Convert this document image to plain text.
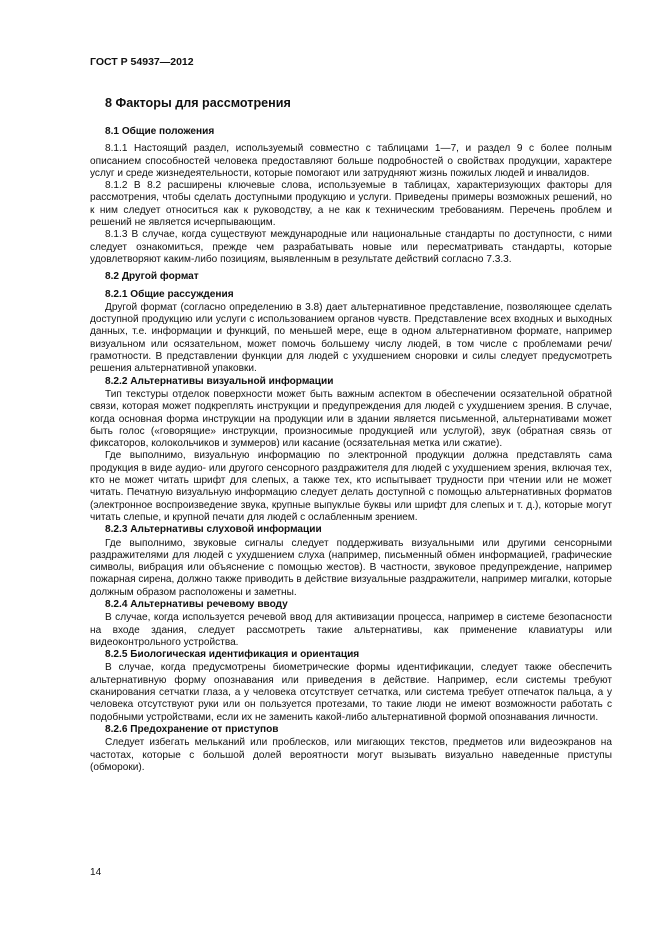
ГОСТ Р 54937—2012
8 Факторы для рассмотрения
8.1 Общие положения

8.1.1 Настоящий раздел, используемый совместно с таблицами 1—7, и раздел 9 с более полным описанием способностей человека предоставляют больше подробностей о свойствах продукции, характере услуг и среде жизнедеятельности, которые помогают или затрудняют жизнь пожилых людей и инвалидов.

8.1.2 В 8.2 расширены ключевые слова, используемые в таблицах, характеризующих факторы для рассмотрения, чтобы сделать доступными продукцию и услуги. Приведены примеры возможных решений, но к ним следует относиться как к руководству, а не как к техническим требованиям. Перечень проблем и решений не является исчерпывающим.

8.1.3 В случае, когда существуют международные или национальные стандарты по доступности, с ними следует ознакомиться, прежде чем разрабатывать новые или пересматривать стандарты, которые удовлетворяют каким-либо позициям, выявленным в результате действий согласно 7.3.3.

8.2 Другой формат
8.2.1 Общие рассуждения

Другой формат (согласно определению в 3.8) дает альтернативное представление, позволяющее сделать доступной продукцию или услуги с использованием органов чувств. Представление всех входных и выходных данных, т.е. информации и функций, по меньшей мере, еще в одном альтернативном формате, например визуальном или осязательном, может помочь большему числу людей, в том числе с проблемами речи/грамотности. В представлении функции для людей с ухудшением сноровки и силы следует предусмотреть решения альтернативной упаковки.

8.2.2 Альтернативы визуальной информации

Тип текстуры отделок поверхности может быть важным аспектом в обеспечении осязательной обратной связи, которая может подкреплять инструкции и предупреждения для людей с ухудшением зрения. В случае, когда основная форма инструкции на продукции или в здании является письменной, альтернативами может быть голос («говорящие» инструкции, произносимые продукцией или услугой), звук (обратная связь от фиксаторов, колокольчиков и зуммеров) или касание (осязательная метка или сжатие).

Где выполнимо, визуальную информацию по электронной продукции должна представлять сама продукция в виде аудио- или другого сенсорного раздражителя для людей с ухудшением зрения, включая тех, кто не может читать шрифт для слепых, а также тех, кто испытывает трудности при чтении или не может читать. Печатную визуальную информацию следует делать доступной с помощью альтернативных форматов (электронное воспроизведение звука, крупные выпуклые буквы или шрифт для слепых и т. д.), которые могут читать слепые, и крупной печати для людей с ослабленным зрением.

8.2.3 Альтернативы слуховой информации

Где выполнимо, звуковые сигналы следует поддерживать визуальными или другими сенсорными раздражителями для людей с ухудшением слуха (например, письменный обмен информацией, графические символы, вибрация или объяснение с помощью жестов). В частности, звуковое предупреждение, например пожарная сирена, должно также приводить в действие визуальные раздражители, например мигалки, которые должным образом расположены и заметны.

8.2.4 Альтернативы речевому вводу

В случае, когда используется речевой ввод для активизации процесса, например в системе безопасности на входе здания, следует рассмотреть такие альтернативы, как применение клавиатуры или видеоконтрольного устройства.

8.2.5 Биологическая идентификация и ориентация

В случае, когда предусмотрены биометрические формы идентификации, следует также обеспечить альтернативную форму опознавания или приведения в действие. Например, если системы требуют сканирования сетчатки глаза, а у человека отсутствует сетчатка, или система требует отпечаток пальца, а у человека отсутствуют руки или он пользуется протезами, то такие люди не имеют возможности работать с подобными устройствами, если их не заменить какой-либо альтернативной формой опознавания личности.

8.2.6 Предохранение от приступов

Следует избегать мельканий или проблесков, или мигающих текстов, предметов или видеоэкранов на частотах, которые с большой долей вероятности могут вызывать визуально наведенные приступы (обмороки).

14
